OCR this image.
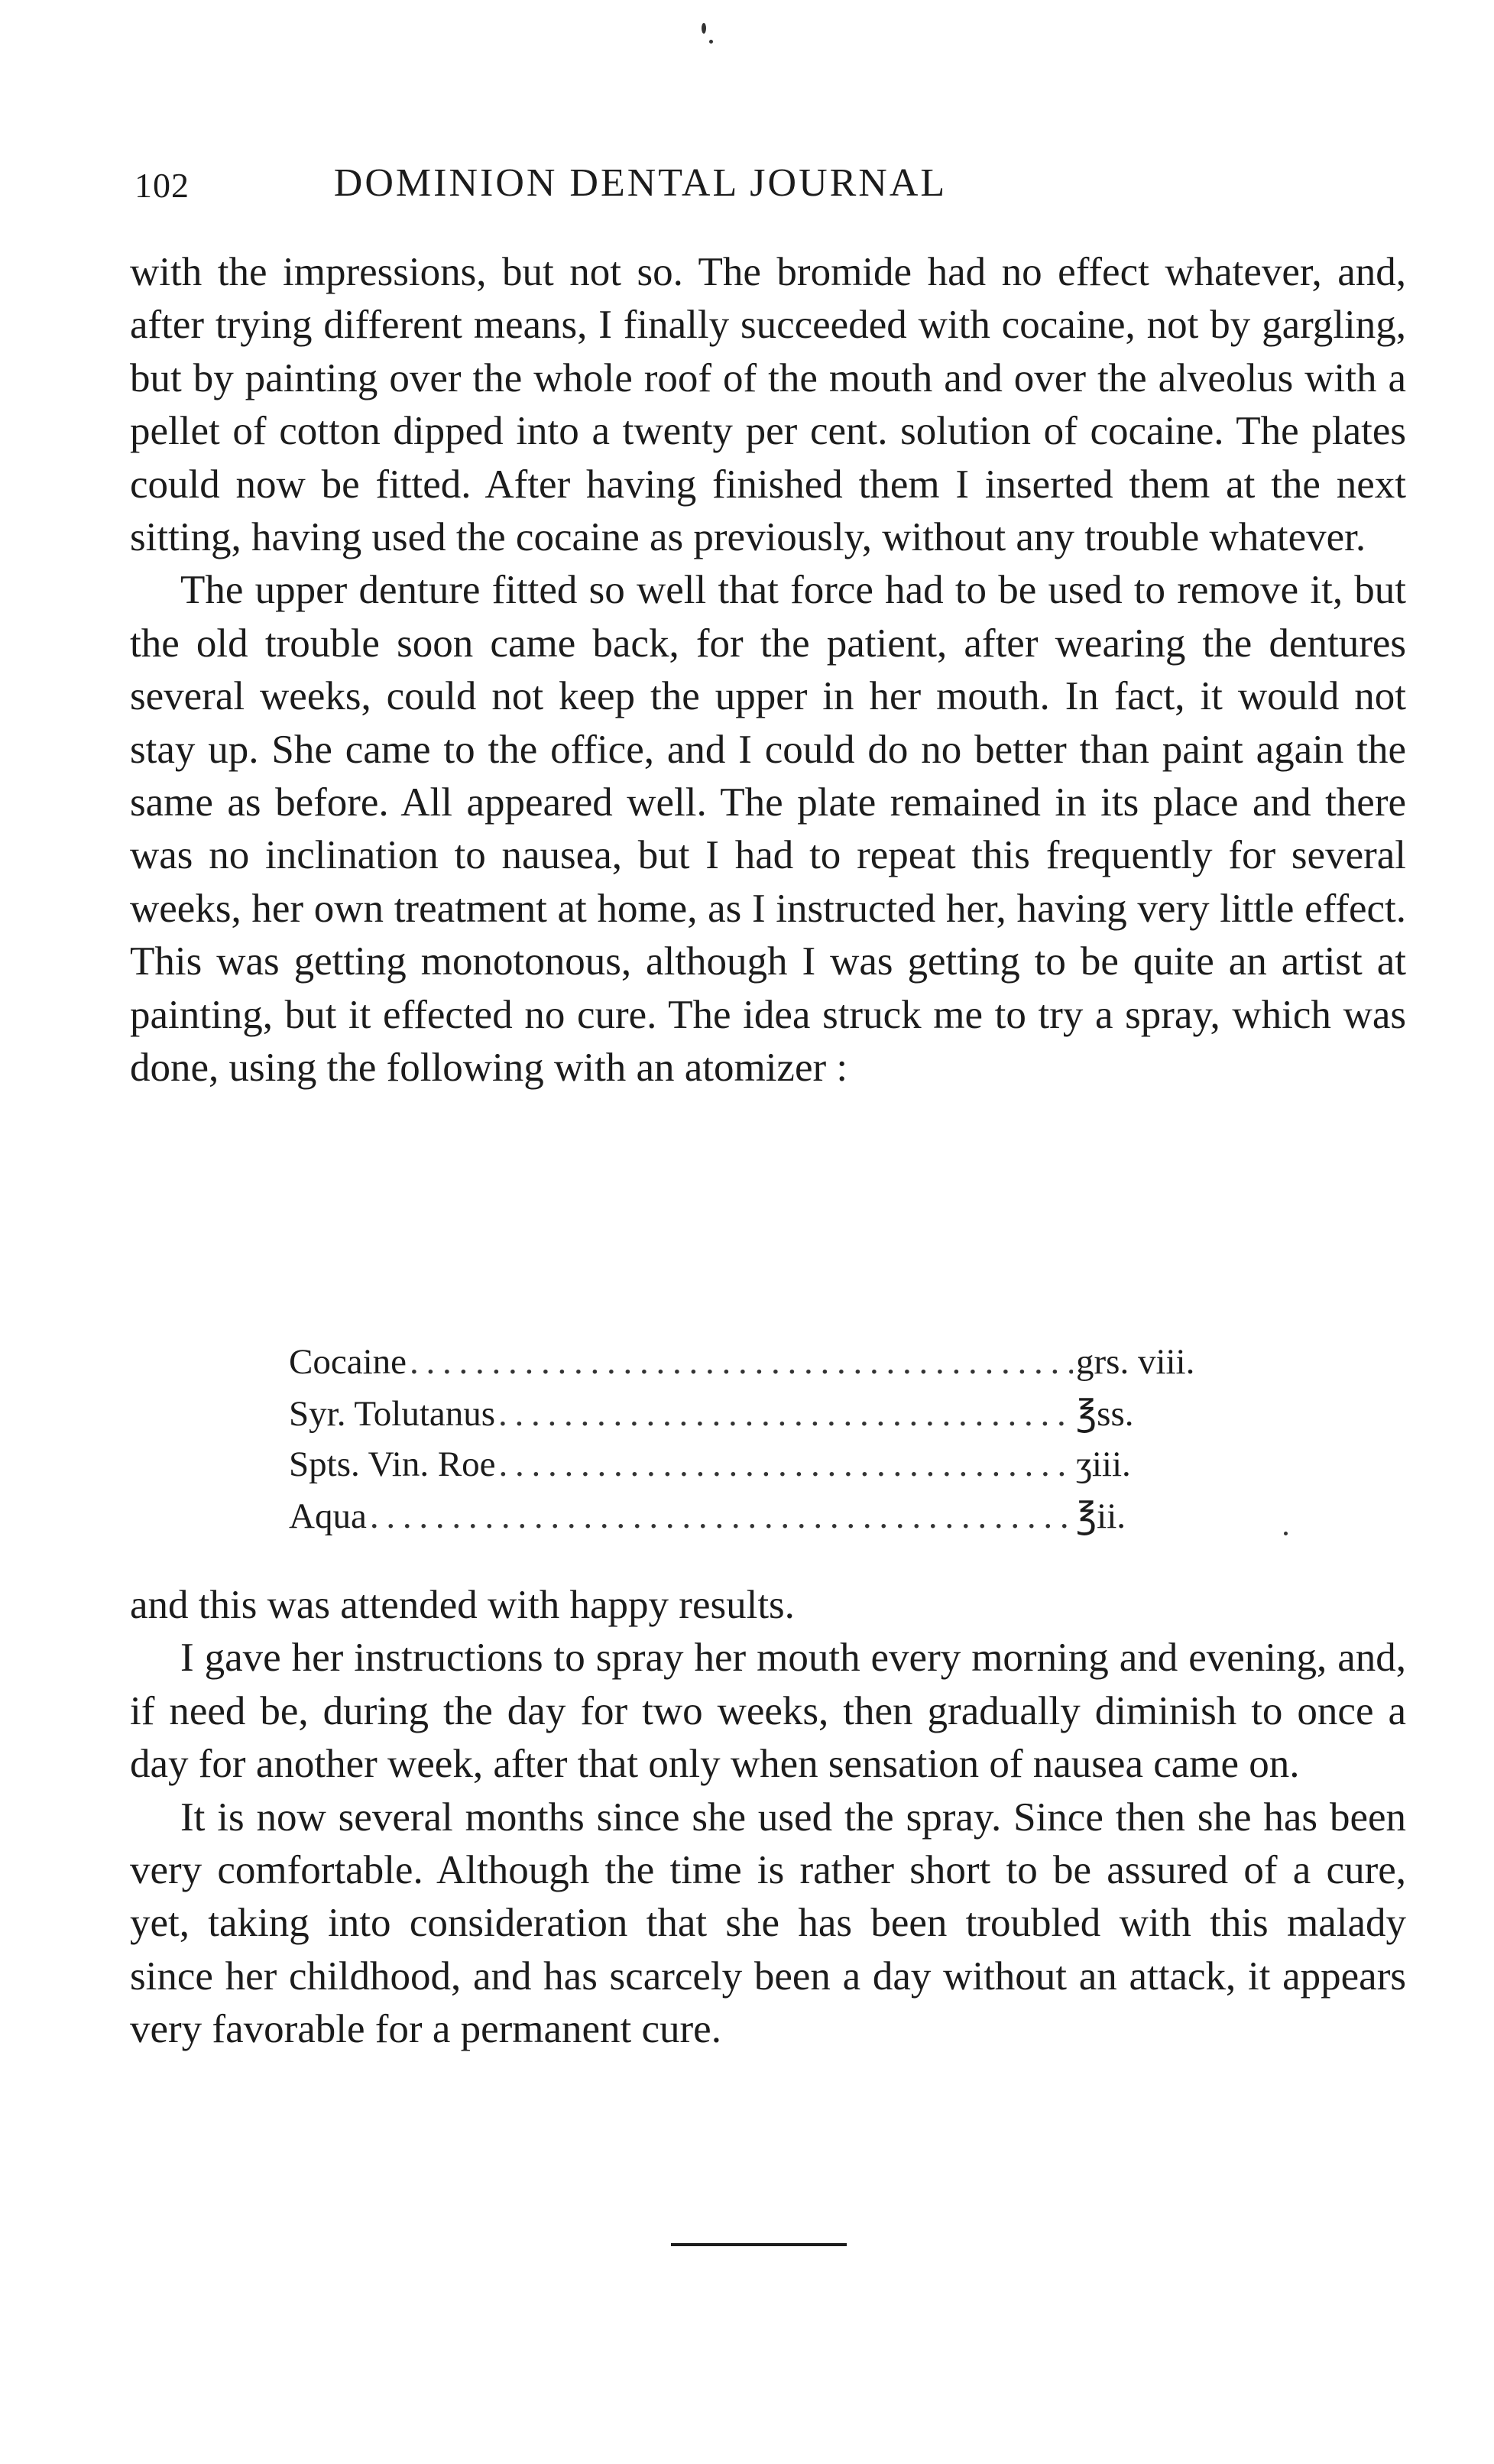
102	DOMINION DENTAL JOURNAL

with the impressions, but not so. The bromide had no effect whatever, and, after trying different means, I finally succeeded with cocaine, not by gargling, but by painting over the whole roof of the mouth and over the alveolus with a pellet of cotton dipped into a twenty per cent. solution of cocaine. The plates could now be fitted. After having finished them I inserted them at the next sitting, having used the cocaine as previously, without any trouble whatever.

The upper denture fitted so well that force had to be used to remove it, but the old trouble soon came back, for the patient, after wearing the dentures several weeks, could not keep the upper in her mouth. In fact, it would not stay up. She came to the office, and I could do no better than paint again the same as before. All appeared well. The plate remained in its place and there was no inclination to nausea, but I had to repeat this frequently for several weeks, her own treatment at home, as I instructed her, having very little effect. This was getting monotonous, although I was getting to be quite an artist at painting, but it effected no cure. The idea struck me to try a spray, which was done, using the following with an atomizer :

Cocaine . . .	grs. viii.
Syr. Tolutanus . . .	℥ss.
Spts. Vin. Roe . . .	ʒiii.
Aqua . . .	℥ii.

and this was attended with happy results.

I gave her instructions to spray her mouth every morning and evening, and, if need be, during the day for two weeks, then gradually diminish to once a day for another week, after that only when sensation of nausea came on.

It is now several months since she used the spray. Since then she has been very comfortable. Although the time is rather short to be assured of a cure, yet, taking into consideration that she has been troubled with this malady since her childhood, and has scarcely been a day without an attack, it appears very favorable for a permanent cure.
